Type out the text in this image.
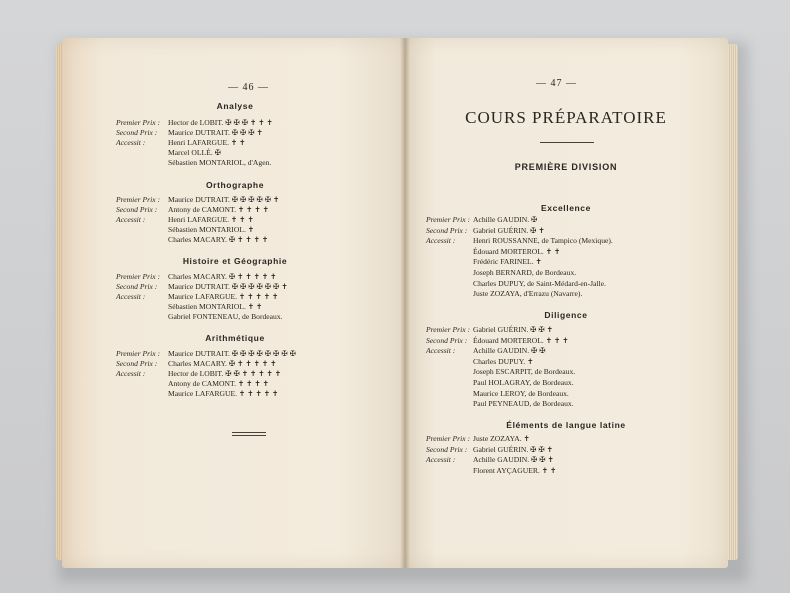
— 46 —
Analyse
Premier Prix : Hector de LOBIT. ✠ ✠ ✠ ✝ ✝ ✝
Second Prix : Maurice DUTRAIT. ✠ ✠ ✠ ✝
Accessit :	Henri LAFARGUE. ✝ ✝
Marcel OLLÉ. ✠
Sébastien MONTARIOL, d'Agen.
Orthographe
Premier Prix : Maurice DUTRAIT. ✠ ✠ ✠ ✠ ✠ ✝
Second Prix : Antony de CAMONT. ✝ ✝ ✝ ✝
Accessit :	Henri LAFARGUE. ✝ ✝ ✝
Sébastien MONTARIOL. ✝
Charles MACARY. ✠ ✝ ✝ ✝ ✝
Histoire et Géographie
Premier Prix : Charles MACARY. ✠ ✝ ✝ ✝ ✝ ✝
Second Prix : Maurice DUTRAIT. ✠ ✠ ✠ ✠ ✠ ✠ ✝
Accessit :	Maurice LAFARGUE. ✝ ✝ ✝ ✝ ✝
Sébastien MONTARIOL. ✝ ✝
Gabriel FONTENEAU, de Bordeaux.
Arithmétique
Premier Prix : Maurice DUTRAIT. ✠ ✠ ✠ ✠ ✠ ✠ ✠ ✠
Second Prix : Charles MACARY. ✠ ✝ ✝ ✝ ✝ ✝
Accessit :	Hector de LOBIT. ✠ ✠ ✝ ✝ ✝ ✝ ✝
Antony de CAMONT. ✝ ✝ ✝ ✝
Maurice LAFARGUE. ✝ ✝ ✝ ✝ ✝
— 47 —
COURS PRÉPARATOIRE
PREMIÈRE DIVISION
Excellence
Premier Prix : Achille GAUDIN. ✠
Second Prix : Gabriel GUÉRIN. ✠ ✝
Accessit : Henri ROUSSANNE, de Tampico (Mexique).
Édouard MORTEROL. ✝ ✝
Frédéric FARINEL. ✝
Joseph BERNARD, de Bordeaux.
Charles DUPUY, de Saint-Médard-en-Jalle.
Juste ZOZAYA, d'Errazu (Navarre).
Diligence
Premier Prix : Gabriel GUÉRIN. ✠ ✠ ✝
Second Prix : Édouard MORTEROL. ✝ ✝ ✝
Accessit : Achille GAUDIN. ✠ ✠
Charles DUPUY. ✝
Joseph ESCARPIT, de Bordeaux.
Paul HOLAGRAY, de Bordeaux.
Maurice LEROY, de Bordeaux.
Paul PEYNEAUD, de Bordeaux.
Éléments de langue latine
Premier Prix : Juste ZOZAYA. ✝
Second Prix : Gabriel GUÉRIN. ✠ ✠ ✝
Accessit : Achille GAUDIN. ✠ ✠ ✝
Florent AYÇAGUER. ✝ ✝
